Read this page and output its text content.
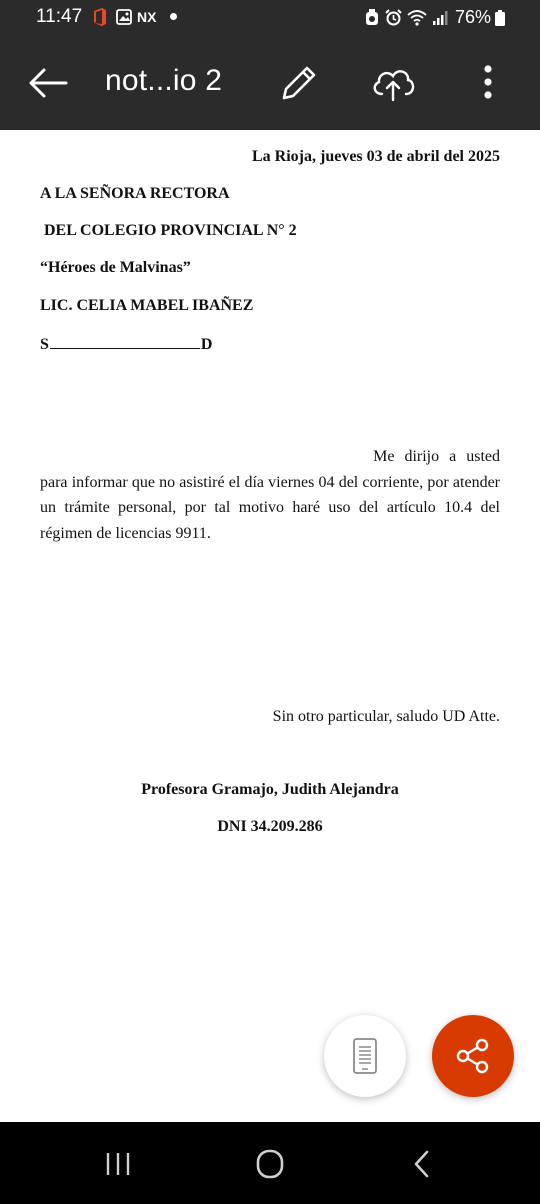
11:47	NX	76%
not...io 2
La Rioja, jueves 03 de abril del 2025
A LA SEÑORA RECTORA
DEL COLEGIO PROVINCIAL N° 2
“Héroes de Malvinas”
LIC. CELIA MABEL IBAÑEZ
S	D
Me dirijo a usted
para informar que no asistiré el día viernes 04 del corriente, por atender un trámite personal, por tal motivo haré uso del artículo 10.4 del régimen de licencias 9911.
Sin otro particular, saludo UD Atte.
Profesora Gramajo, Judith Alejandra
DNI 34.209.286
